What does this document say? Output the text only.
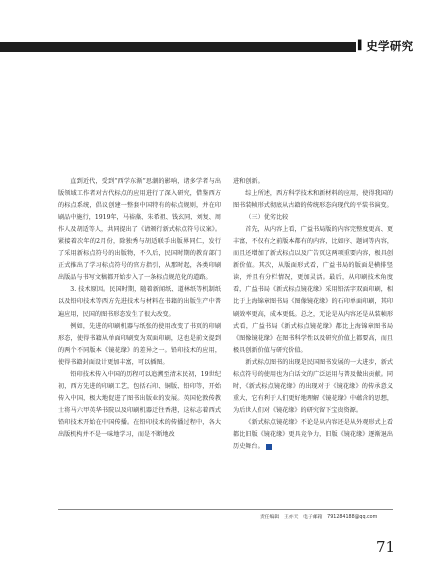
▌ 史学研究

直到近代，受到“西学东渐”思潮的影响，诸多学者与出版领域工作者对古代标点的应用进行了深入研究，借鉴西方的标点系统，倡议创建一整套中国特有的标点规则，并在印刷品中施行，1919年，马裕藻、朱希祖、钱玄同、刘复、周作人及胡适等人，共同提出了《请颁行新式标点符号议案》。紧接着次年的2月份，除独秀与胡适联手出版界同仁，发行了采用新标点符号的出版物，不久后，民国时期的教育部门正式推出了学习标点符号的官方指引，从那时起，各类印刷出版品与书写文稿都开始步入了一条标点规范化的道路。

3. 技术原因。民国时期，随着新闻纸、道林纸等机制纸以及铅印技术等西方先进技术与材料在书籍的出版生产中普遍应用，民国的图书形态发生了很大改变。

例如，先进的印刷机器与纸张的使用改变了书页的印刷形态，使得书籍从单面印刷变为双面印刷，这也是前文提到的两个不同版本《镜花缘》的差异之一。铅印技术的应用，使得书籍封面设计更加丰富，可以插图。

铅印技术传入中国的历程可以追溯至清末民初，19世纪初，西方先进的印刷工艺，包括石印、铜版、铅印等，开始传入中国，极大地促进了图书出版业的发展。英国伦敦传教士将马六甲英华书院以及印刷机器迁往香港，这标志着西式铅印技术开始在中国传播。在铅印技术的传播过程中，各大出版机构并不是一味地学习，而是不断地改

进和创新。

综上所述，西方科学技术和新材料的应用，使得我国的图书装帧形式彻底从古籍的传统形态向现代的平装书演变。

（三）优劣比较

首先，从内容上看，广益书局版的内容完整度更高、更丰富，不仅有之前版本都有的内容，比如序、题词等内容，而且还增加了新式标点以及广告页这两项重要内容，极具创新价值。其次，从版面形式看，广益书局的版面是横排竖读，并且有分栏情况，更加灵活。最后，从印刷技术角度看，广益书局《新式标点镜花缘》采用铅活字双面印刷，相比于上海锦章图书局《图像镜花缘》的石印单面印刷，其印刷效率更高，成本更低。总之，无论是从内容还是从装帧形式看，广益书局《新式标点镜花缘》都比上海锦章图书局《图像镜花缘》在图书科学性以及研究价值上都要高，而且极具创新价值与研究价值。

新式标点图书的出现是民国图书发展的一大进步，新式标点符号的使用也为白话文的广泛运用与普及做出贡献。同时，《新式标点镜花缘》的出现对于《镜花缘》的传承意义重大，它有利于人们更好地理解《镜花缘》中蕴含的思想，为后世人们对《镜花缘》的研究留下宝贵资源。

《新式标点镜花缘》不论是从内容还是从外观形式上看都比旧版《镜花缘》更具竞争力，旧版《镜花缘》逐渐退出历史舞台。

责任编辑　王亦天　电子邮箱　791284188@qq.com
71
